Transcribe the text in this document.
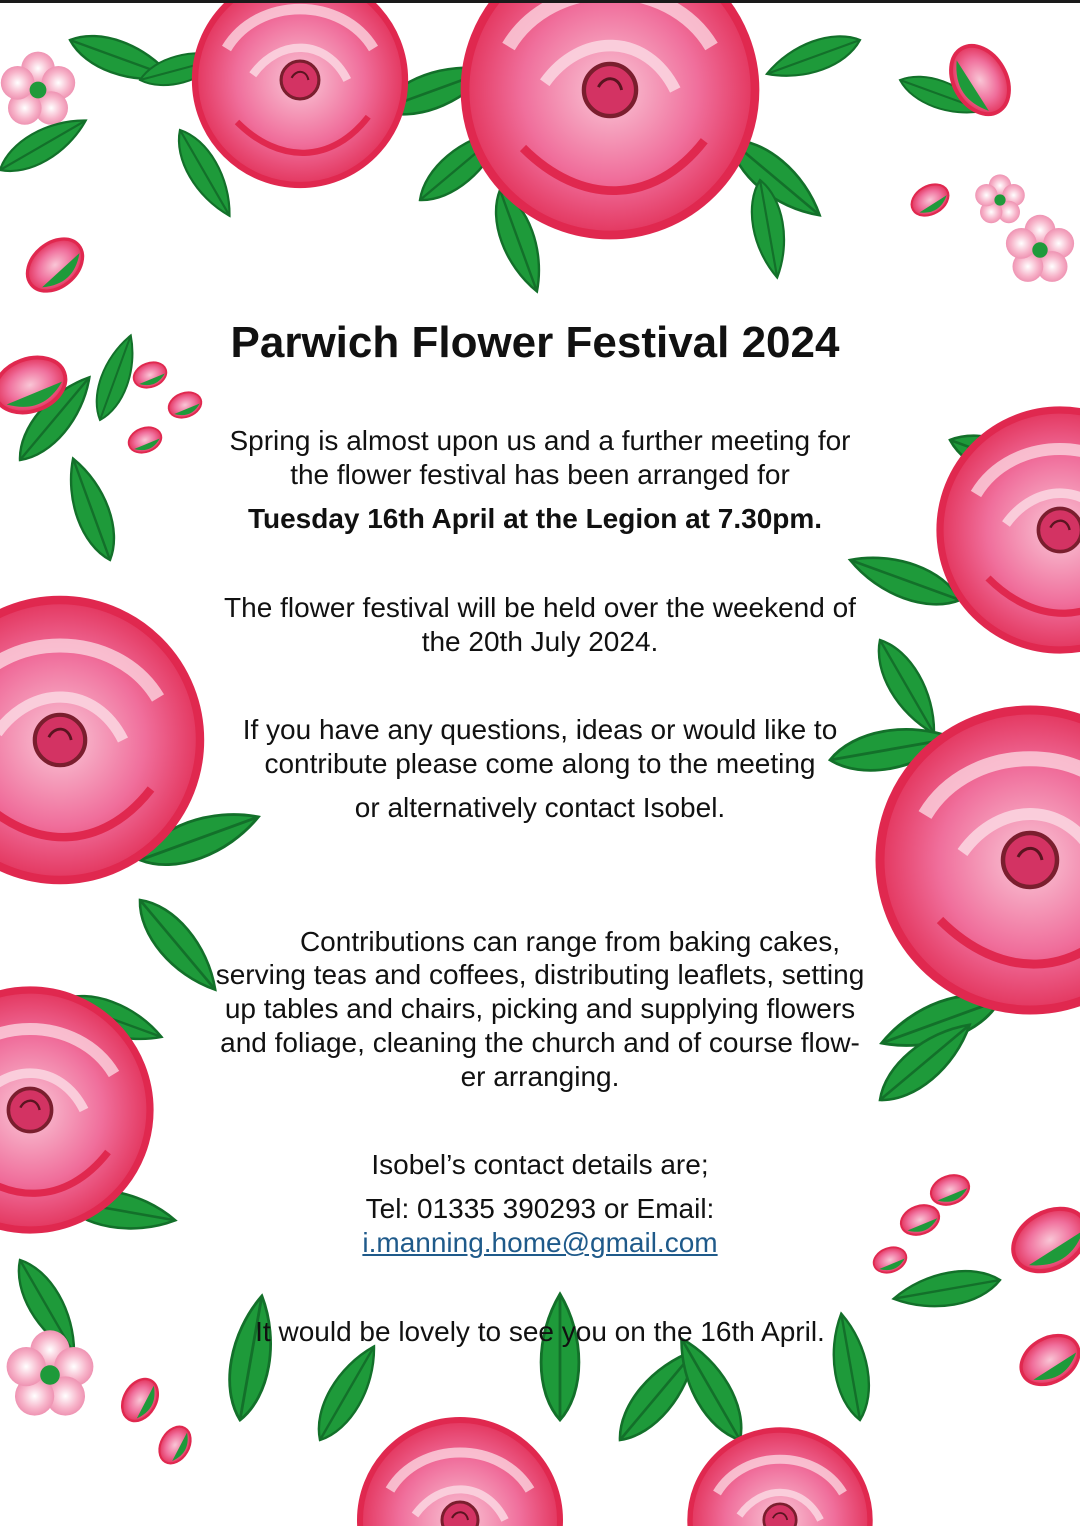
Parwich Flower Festival 2024
Spring is almost upon us and a further meeting for
the flower festival has been arranged for
Tuesday 16th April at the Legion at 7.30pm.
The flower festival will be held over the weekend of
the 20th July 2024.
If you have any questions, ideas or would like to
contribute please come along to the meeting
or alternatively contact Isobel.
Contributions can range from baking cakes,
serving teas and coffees, distributing leaflets, setting
up tables and chairs, picking and supplying flowers
and foliage, cleaning the church and of course flow-
er arranging.
Isobel’s contact details are;
Tel: 01335 390293 or Email:
i.manning.home@gmail.com
It would be lovely to see you on the 16th April.
